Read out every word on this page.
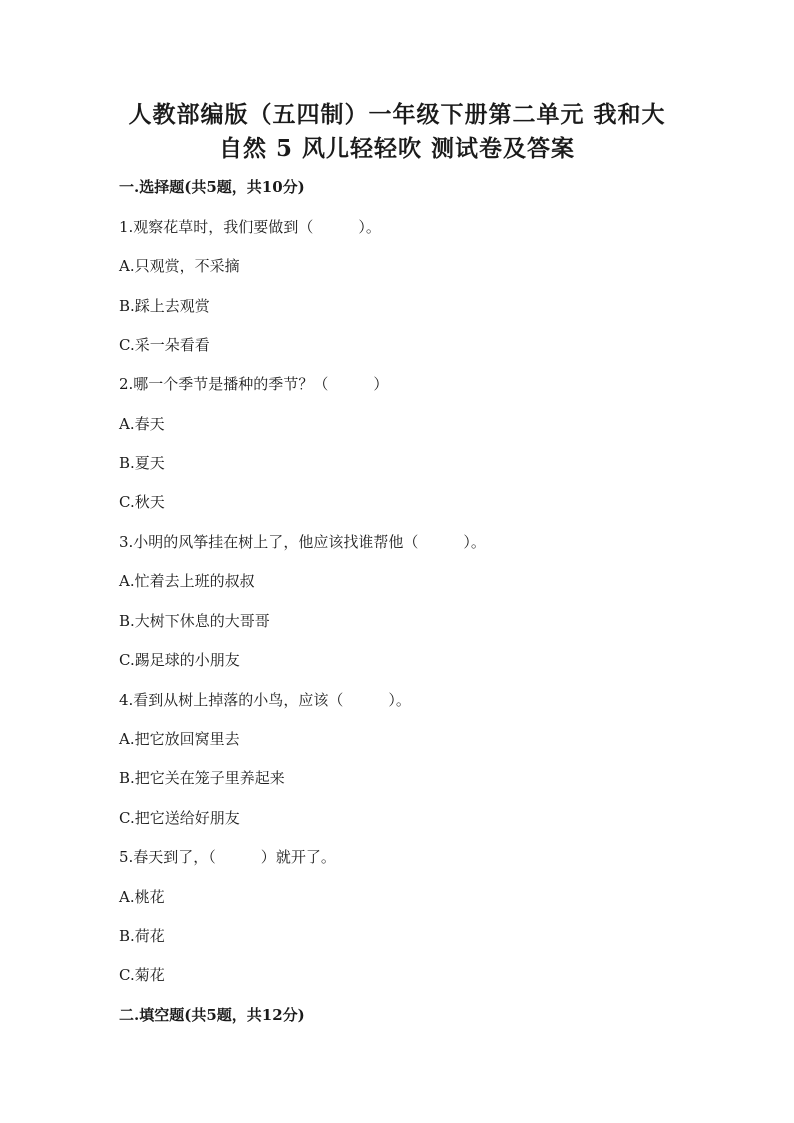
人教部编版（五四制）一年级下册第二单元 我和大
自然 5 风儿轻轻吹 测试卷及答案
一.选择题(共5题，共10分)
1.观察花草时，我们要做到（　　　）。
A.只观赏，不采摘
B.踩上去观赏
C.采一朵看看
2.哪一个季节是播种的季节？（　　　）
A.春天
B.夏天
C.秋天
3.小明的风筝挂在树上了，他应该找谁帮他（　　　）。
A.忙着去上班的叔叔
B.大树下休息的大哥哥
C.踢足球的小朋友
4.看到从树上掉落的小鸟，应该（　　　）。
A.把它放回窝里去
B.把它关在笼子里养起来
C.把它送给好朋友
5.春天到了，（　　　）就开了。
A.桃花
B.荷花
C.菊花
二.填空题(共5题，共12分)
